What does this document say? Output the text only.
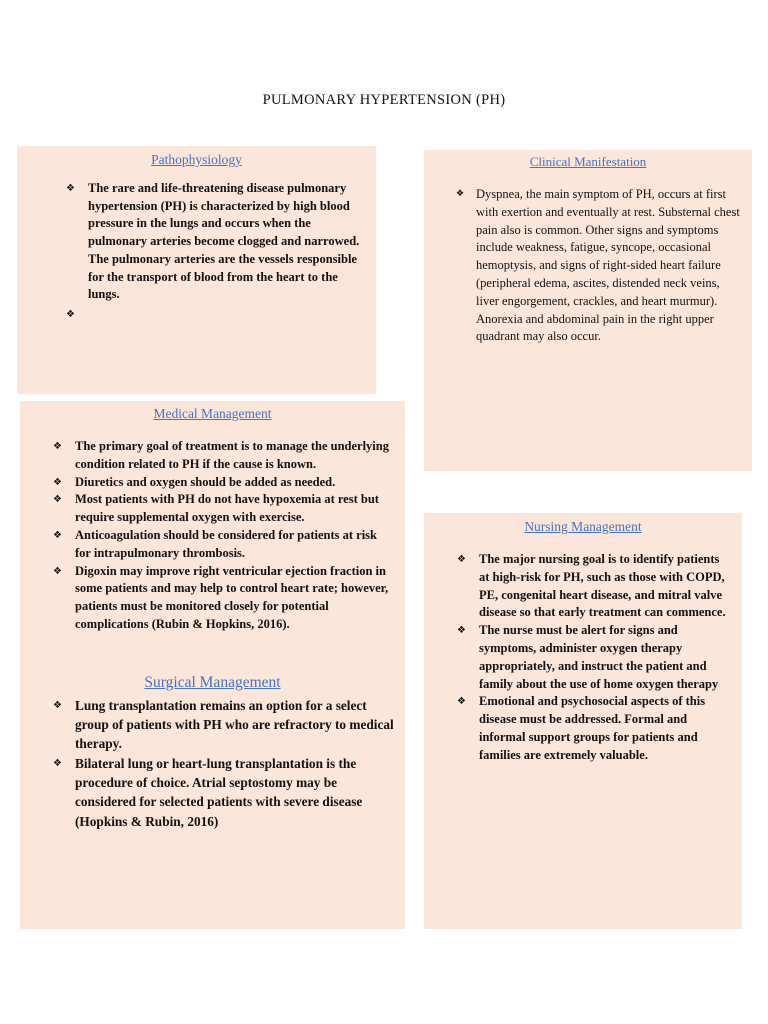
PULMONARY HYPERTENSION (PH)
Pathophysiology
❖ The rare and life-threatening disease pulmonary hypertension (PH) is characterized by high blood pressure in the lungs and occurs when the pulmonary arteries become clogged and narrowed. The pulmonary arteries are the vessels responsible for the transport of blood from the heart to the lungs.
❖
Clinical Manifestation
❖ Dyspnea, the main symptom of PH, occurs at first with exertion and eventually at rest. Substernal chest pain also is common. Other signs and symptoms include weakness, fatigue, syncope, occasional hemoptysis, and signs of right-sided heart failure (peripheral edema, ascites, distended neck veins, liver engorgement, crackles, and heart murmur). Anorexia and abdominal pain in the right upper quadrant may also occur.
Medical Management
❖ The primary goal of treatment is to manage the underlying condition related to PH if the cause is known.
❖ Diuretics and oxygen should be added as needed.
❖ Most patients with PH do not have hypoxemia at rest but require supplemental oxygen with exercise.
❖ Anticoagulation should be considered for patients at risk for intrapulmonary thrombosis.
❖ Digoxin may improve right ventricular ejection fraction in some patients and may help to control heart rate; however, patients must be monitored closely for potential complications (Rubin & Hopkins, 2016).
Surgical Management
❖ Lung transplantation remains an option for a select group of patients with PH who are refractory to medical therapy.
❖ Bilateral lung or heart-lung transplantation is the procedure of choice. Atrial septostomy may be considered for selected patients with severe disease (Hopkins & Rubin, 2016)
Nursing Management
❖ The major nursing goal is to identify patients at high-risk for PH, such as those with COPD, PE, congenital heart disease, and mitral valve disease so that early treatment can commence.
❖ The nurse must be alert for signs and symptoms, administer oxygen therapy appropriately, and instruct the patient and family about the use of home oxygen therapy
❖ Emotional and psychosocial aspects of this disease must be addressed. Formal and informal support groups for patients and families are extremely valuable.
